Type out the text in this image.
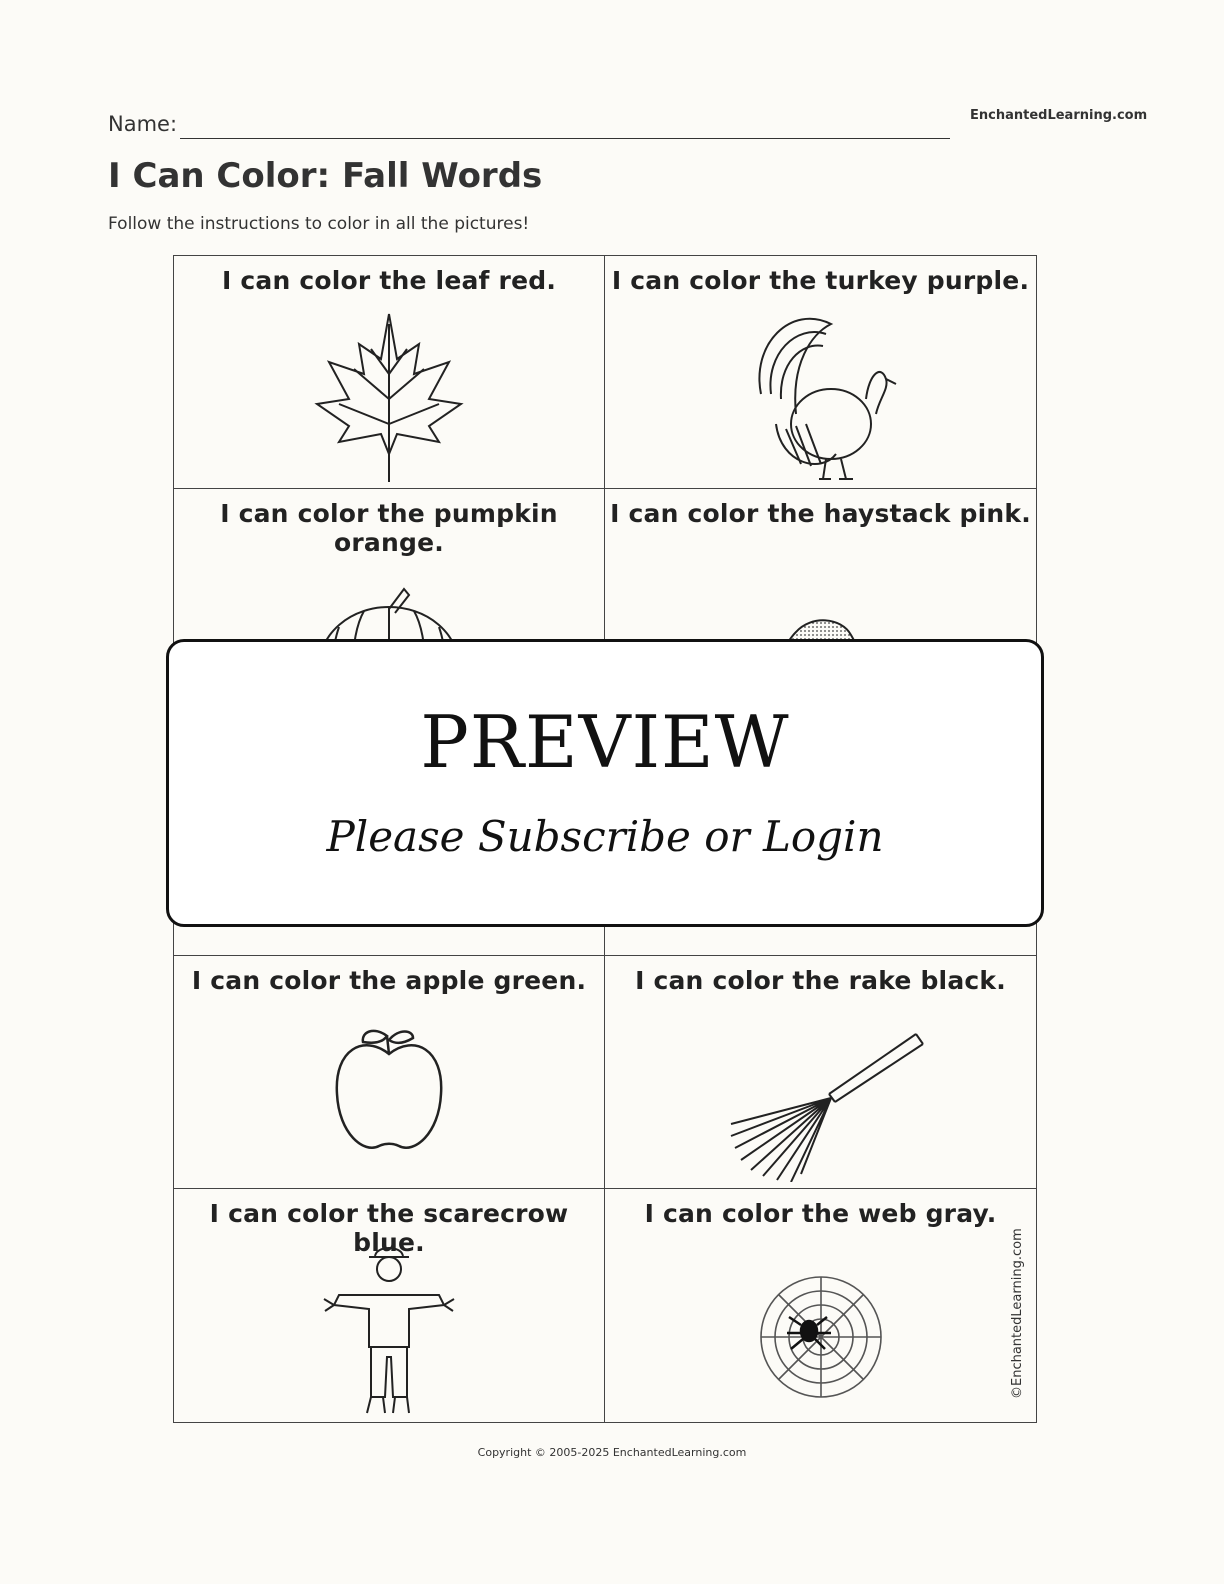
Name:	EnchantedLearning.com
I Can Color: Fall Words
Follow the instructions to color in all the pictures!
I can color the leaf red.	I can color the turkey purple.
I can color the pumpkin orange.
I can color the haystack pink.
I can color the apple green.	I can color the rake black.
I can color the scarecrow blue.
I can color the web gray.
PREVIEW
Please Subscribe or Login
©EnchantedLearning.com
Copyright © 2005-2025 EnchantedLearning.com
